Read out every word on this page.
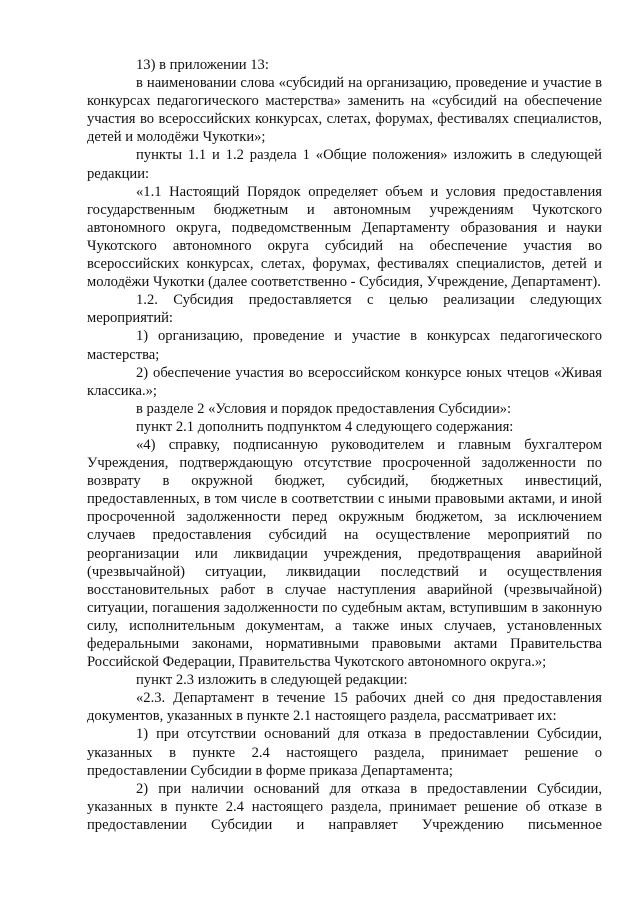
13) в приложении 13:

в наименовании слова «субсидий на организацию, проведение и участие в конкурсах педагогического мастерства» заменить на «субсидий на обеспечение участия во всероссийских конкурсах, слетах, форумах, фестивалях специалистов, детей и молодёжи Чукотки»;

пункты 1.1 и 1.2 раздела 1 «Общие положения» изложить в следующей редакции:

«1.1 Настоящий Порядок определяет объем и условия предоставления государственным бюджетным и автономным учреждениям Чукотского автономного округа, подведомственным Департаменту образования и науки Чукотского автономного округа субсидий на обеспечение участия во всероссийских конкурсах, слетах, форумах, фестивалях специалистов, детей и молодёжи Чукотки (далее соответственно - Субсидия, Учреждение, Департамент).

1.2. Субсидия предоставляется с целью реализации следующих мероприятий:

1) организацию, проведение и участие в конкурсах педагогического мастерства;

2) обеспечение участия во всероссийском конкурсе юных чтецов «Живая классика.»;

в разделе 2 «Условия и порядок предоставления Субсидии»:

пункт 2.1 дополнить подпунктом 4 следующего содержания:

«4) справку, подписанную руководителем и главным бухгалтером Учреждения, подтверждающую отсутствие просроченной задолженности по возврату в окружной бюджет, субсидий, бюджетных инвестиций, предоставленных, в том числе в соответствии с иными правовыми актами, и иной просроченной задолженности перед окружным бюджетом, за исключением случаев предоставления субсидий на осуществление мероприятий по реорганизации или ликвидации учреждения, предотвращения аварийной (чрезвычайной) ситуации, ликвидации последствий и осуществления восстановительных работ в случае наступления аварийной (чрезвычайной) ситуации, погашения задолженности по судебным актам, вступившим в законную силу, исполнительным документам, а также иных случаев, установленных федеральными законами, нормативными правовыми актами Правительства Российской Федерации, Правительства Чукотского автономного округа.»;

пункт 2.3 изложить в следующей редакции:

«2.3. Департамент в течение 15 рабочих дней со дня предоставления документов, указанных в пункте 2.1 настоящего раздела, рассматривает их:

1) при отсутствии оснований для отказа в предоставлении Субсидии, указанных в пункте 2.4 настоящего раздела, принимает решение о предоставлении Субсидии в форме приказа Департамента;

2) при наличии оснований для отказа в предоставлении Субсидии, указанных в пункте 2.4 настоящего раздела, принимает решение об отказе в предоставлении Субсидии и направляет Учреждению письменное
